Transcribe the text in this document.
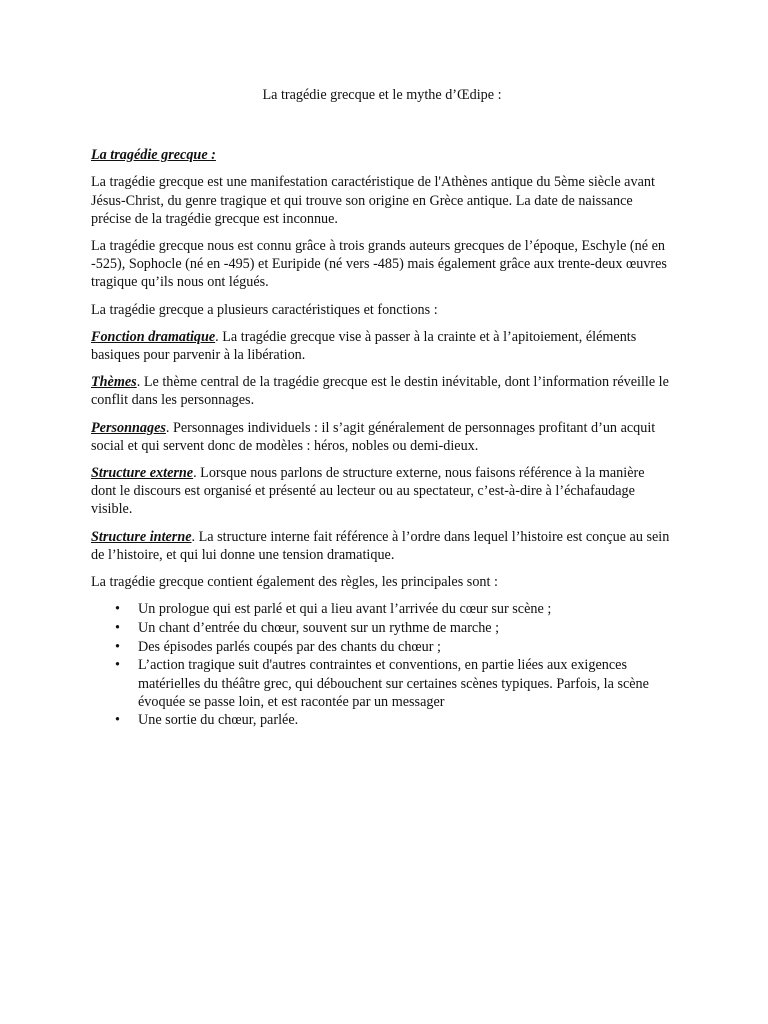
La tragédie grecque et le mythe d’Œdipe :
La tragédie grecque :

La tragédie grecque est une manifestation caractéristique de l'Athènes antique du 5ème siècle avant Jésus-Christ, du genre tragique et qui trouve son origine en Grèce antique. La date de naissance précise de la tragédie grecque est inconnue.

La tragédie grecque nous est connu grâce à trois grands auteurs grecques de l’époque, Eschyle (né en -525), Sophocle (né en -495) et Euripide (né vers -485) mais également grâce aux trente-deux œuvres tragique qu’ils nous ont légués.

La tragédie grecque a plusieurs caractéristiques et fonctions :

Fonction dramatique. La tragédie grecque vise à passer à la crainte et à l’apitoiement, éléments basiques pour parvenir à la libération.

Thèmes. Le thème central de la tragédie grecque est le destin inévitable, dont l’information réveille le conflit dans les personnages.

Personnages. Personnages individuels : il s’agit généralement de personnages profitant d’un acquit social et qui servent donc de modèles : héros, nobles ou demi-dieux.

Structure externe. Lorsque nous parlons de structure externe, nous faisons référence à la manière dont le discours est organisé et présenté au lecteur ou au spectateur, c’est-à-dire à l’échafaudage visible.

Structure interne. La structure interne fait référence à l’ordre dans lequel l’histoire est conçue au sein de l’histoire, et qui lui donne une tension dramatique.

La tragédie grecque contient également des règles, les principales sont :

• Un prologue qui est parlé et qui a lieu avant l’arrivée du cœur sur scène ;
• Un chant d’entrée du chœur, souvent sur un rythme de marche ;
• Des épisodes parlés coupés par des chants du chœur ;
• L’action tragique suit d'autres contraintes et conventions, en partie liées aux exigences matérielles du théâtre grec, qui débouchent sur certaines scènes typiques. Parfois, la scène évoquée se passe loin, et est racontée par un messager
• Une sortie du chœur, parlée.
